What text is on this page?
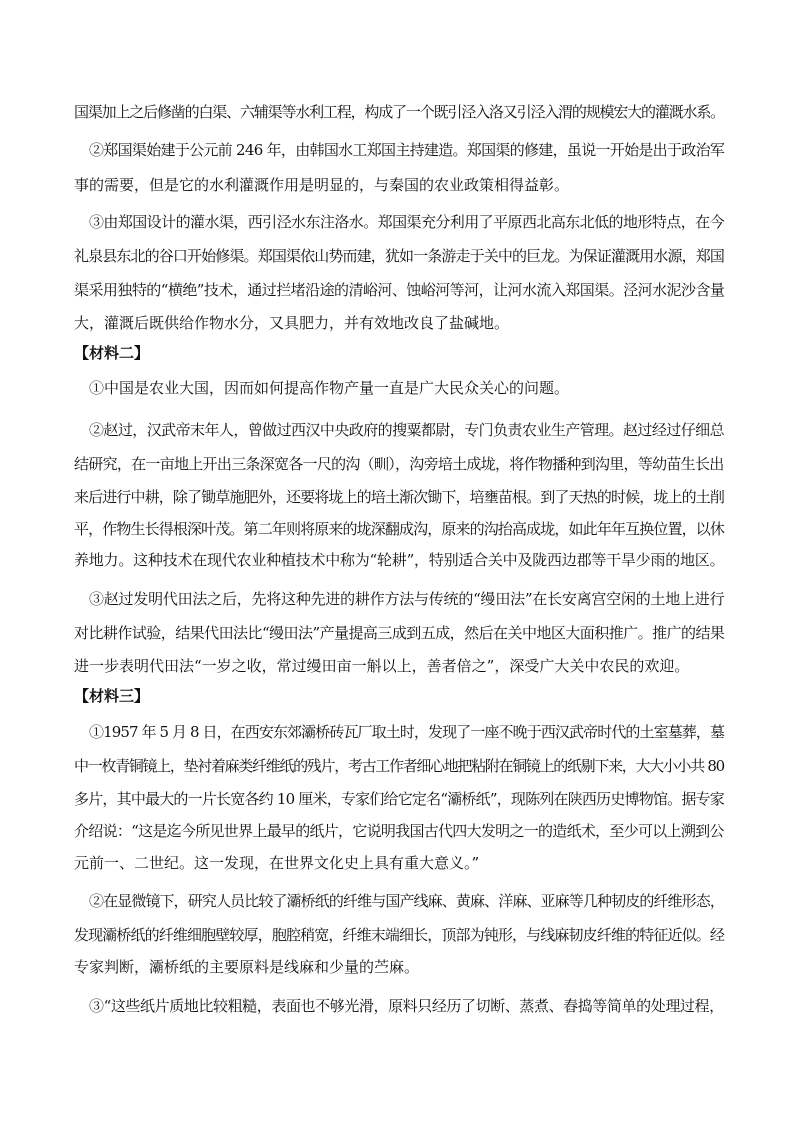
国渠加上之后修凿的白渠、六辅渠等水利工程，构成了一个既引泾入洛又引泾入渭的规模宏大的灌溉水系。
②郑国渠始建于公元前 246 年，由韩国水工郑国主持建造。郑国渠的修建，虽说一开始是出于政治军
事的需要，但是它的水利灌溉作用是明显的，与秦国的农业政策相得益彰。
③由郑国设计的灌水渠，西引泾水东注洛水。郑国渠充分利用了平原西北高东北低的地形特点，在今
礼泉县东北的谷口开始修渠。郑国渠依山势而建，犹如一条游走于关中的巨龙。为保证灌溉用水源，郑国
渠采用独特的“横绝”技术，通过拦堵沿途的清峪河、蚀峪河等河，让河水流入郑国渠。泾河水泥沙含量
大，灌溉后既供给作物水分，又具肥力，并有效地改良了盐碱地。
【材料二】
①中国是农业大国，因而如何提高作物产量一直是广大民众关心的问题。
②赵过，汉武帝末年人，曾做过西汉中央政府的搜粟都尉，专门负责农业生产管理。赵过经过仔细总
结研究，在一亩地上开出三条深宽各一尺的沟（甽），沟旁培土成垅，将作物播种到沟里，等幼苗生长出
来后进行中耕，除了锄草施肥外，还要将垅上的培土渐次锄下，培壅苗根。到了天热的时候，垅上的土削
平，作物生长得根深叶茂。第二年则将原来的垅深翻成沟，原来的沟抬高成垅，如此年年互换位置，以休
养地力。这种技术在现代农业种植技术中称为“轮耕”，特别适合关中及陇西边郡等干旱少雨的地区。
③赵过发明代田法之后，先将这种先进的耕作方法与传统的“缦田法”在长安离宫空闲的土地上进行
对比耕作试验，结果代田法比“缦田法”产量提高三成到五成，然后在关中地区大面积推广。推广的结果
进一步表明代田法“一岁之收，常过缦田亩一斛以上，善者倍之”，深受广大关中农民的欢迎。
【材料三】
①1957 年 5 月 8 日，在西安东郊灞桥砖瓦厂取土时，发现了一座不晚于西汉武帝时代的土室墓葬，墓
中一枚青铜镜上，垫衬着麻类纤维纸的残片，考古工作者细心地把粘附在铜镜上的纸剔下来，大大小小共 80
多片，其中最大的一片长宽各约 10 厘米，专家们给它定名“灞桥纸”，现陈列在陕西历史博物馆。据专家
介绍说：“这是迄今所见世界上最早的纸片，它说明我国古代四大发明之一的造纸术，至少可以上溯到公
元前一、二世纪。这一发现，在世界文化史上具有重大意义。”
②在显微镜下，研究人员比较了灞桥纸的纤维与国产线麻、黄麻、洋麻、亚麻等几种韧皮的纤维形态，
发现灞桥纸的纤维细胞壁较厚，胞腔稍宽，纤维末端细长，顶部为钝形，与线麻韧皮纤维的特征近似。经
专家判断，灞桥纸的主要原料是线麻和少量的苎麻。
③“这些纸片质地比较粗糙，表面也不够光滑，原料只经历了切断、蒸煮、舂捣等简单的处理过程，
